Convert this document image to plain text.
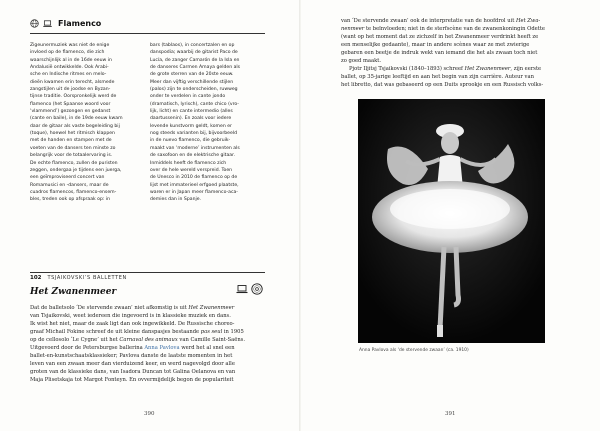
Flamenco
Zigeunermuziek was niet de enige
invloed op de flamenco, die zich
waarschijnlijk al in de 16de eeuw in
Andalusië ontwikkelde. Ook Arabi-
sche en Indische ritmes en melo-
dieën kwamen erin terecht, alsmede
zangstijlen uit de joodse en Byzan-
tijnse traditie. Oorspronkelijk werd de
flamenco (het Spaanse woord voor
‘vlammend’) gezongen en gedanst
(cante en baile), in de 19de eeuw kwam
daar de gitaar als vaste begeleiding bij
(toque), hoewel het ritmisch klappen
met de handen en stampen met de
voeten van de dansers ten minste zo
belangrijk voor de totaalervaring is.
De echte flamenco, zullen de puristen
zeggen, ondergaa je tijdens een juerga,
een geïmproviseerd concert van
Romamusici en -dansers, maar de
cuadros flamencos, flamenco-ensem-
bles, treden ook op afspraak op: in
bars (tablaos), in concertzalen en op
danspodia; waarbij de gitarist Paco de
Lucía, de zanger Camarón de la Isla en
de danseres Carmen Amaya gelden als
de grote sterren van de 20ste eeuw.
Meer dan vijftig verschillende stijlen
(palos) zijn te onderscheiden, ruwweg
onder te verdelen in cante jondo
(dramatisch, lyrisch), cante chico (vro-
lijk, licht) en cante intermedio (alles
daartussenin). En zoals voor iedere
levende kunstvorm geldt, komen er
nog steeds varianten bij, bijvoorbeeld
in de nuevo flamenco, die gebruik-
maakt van ‘moderne’ instrumenten als
de saxofoon en de elektrische gitaar.
Inmiddels heeft de flamenco zich
over de hele wereld verspreid. Toen
de Unesco in 2010 de flamenco op de
lijst met immaterieel erfgoed plaatste,
waren er in Japan meer flamenco-aca-
demies dan in Spanje.
102 TSJAIKOVSKI’S BALLETTEN
Het Zwanenmeer
Dat de balletsolo ‘De stervende zwaan’ niet afkomstig is uit Het Zwanenmeer
van Tsjaikovski, weet iedereen die ingevoerd is in klassieke muziek en dans.
Ik wist het niet, maar de zaak ligt dan ook ingewikkeld. De Russische choreo-
graaf Michail Fokine schreef de uit kleine danspasjes bestaande pas seul in 1905
op de cellosolo ‘Le Cygne’ uit het Carnaval des animaux van Camille Saint-Saëns.
Uitgevoerd door de Petersburgse ballerina Anna Pavlova werd het al snel een
ballet-en-kunstschaatsklassieker; Pavlova danste de laatste momenten in het
leven van een zwaan meer dan vierduizend keer, en werd nagevolgd door alle
groten van de klassieke dans, van Isadora Duncan tot Galina Oelanova en van
Maja Plisetskaja tot Margot Fonteyn. En ovvermijdelijk begon de populariteit
390
van ‘De stervende zwaan’ ook de interpretatie van de hoofdrol uit Het Zwa-
nenmeer te beïnvloeden; niet in de sterfscène van de zwanenkoningin Odette
(want op het moment dat ze zichzelf in het Zwanenmeer verdrinkt heeft ze
een menselijke gedaante), maar in andere scènes waar ze met zwierige
gebaren een beetje de indruk wekt van iemand die het als zwaan toch niet
zo goed maakt.
Pjotr Iljitsj Tsjaikovski (1840–1893) schreef Het Zwanenmeer, zijn eerste
ballet, op 35-jarige leeftijd en aan het begin van zijn carrière. Auteur van
het libretto, dat was gebaseerd op een Duits sprookje en een Russisch volks-
Anna Pavlova als ‘de stervende zwaan’ (ca. 1910)
391
